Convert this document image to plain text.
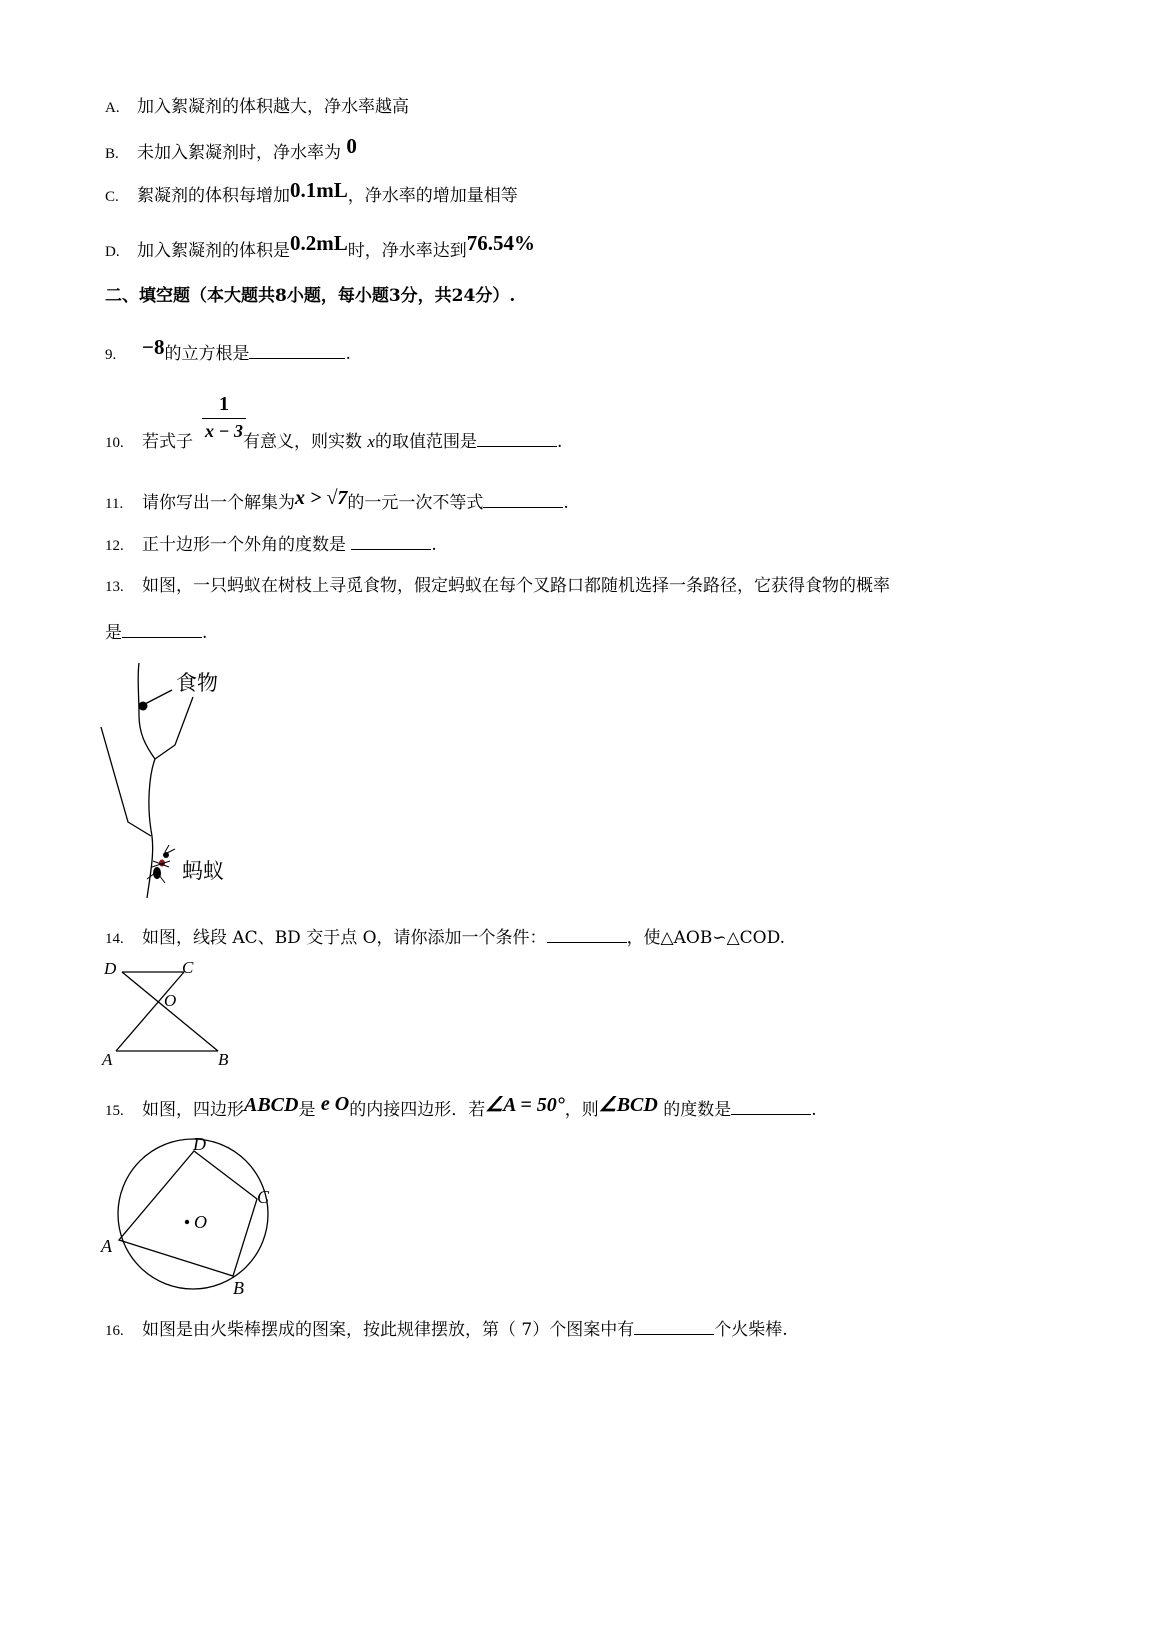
A. 加入絮凝剂的体积越大，净水率越高
B. 未加入絮凝剂时，净水率为 0
C. 絮凝剂的体积每增加0.1mL，净水率的增加量相等
D. 加入絮凝剂的体积是0.2mL时，净水率达到76.54%
二、填空题（本大题共8小题，每小题3分，共24分）.
9. −8的立方根是	.
10. 若式子	有意义，则实数 x的取值范围是	.
1
x − 3
11. 请你写出一个解集为x > √7的一元一次不等式	.
12. 正十边形一个外角的度数是	.
13. 如图，一只蚂蚁在树枝上寻觅食物，假定蚂蚁在每个叉路口都随机选择一条路径，它获得食物的概率
是	.
食物
蚂蚁
14. 如图，线段 AC、BD 交于点 O，请你添加一个条件：	，使△AOB∽△COD.
D	C
O
A	B
15. 如图，四边形ABCD是 e O的内接四边形．若∠A = 50°，则∠BCD 的度数是	.
D
C
O
A
B
16. 如图是由火柴棒摆成的图案，按此规律摆放，第（ 7）个图案中有	个火柴棒.
